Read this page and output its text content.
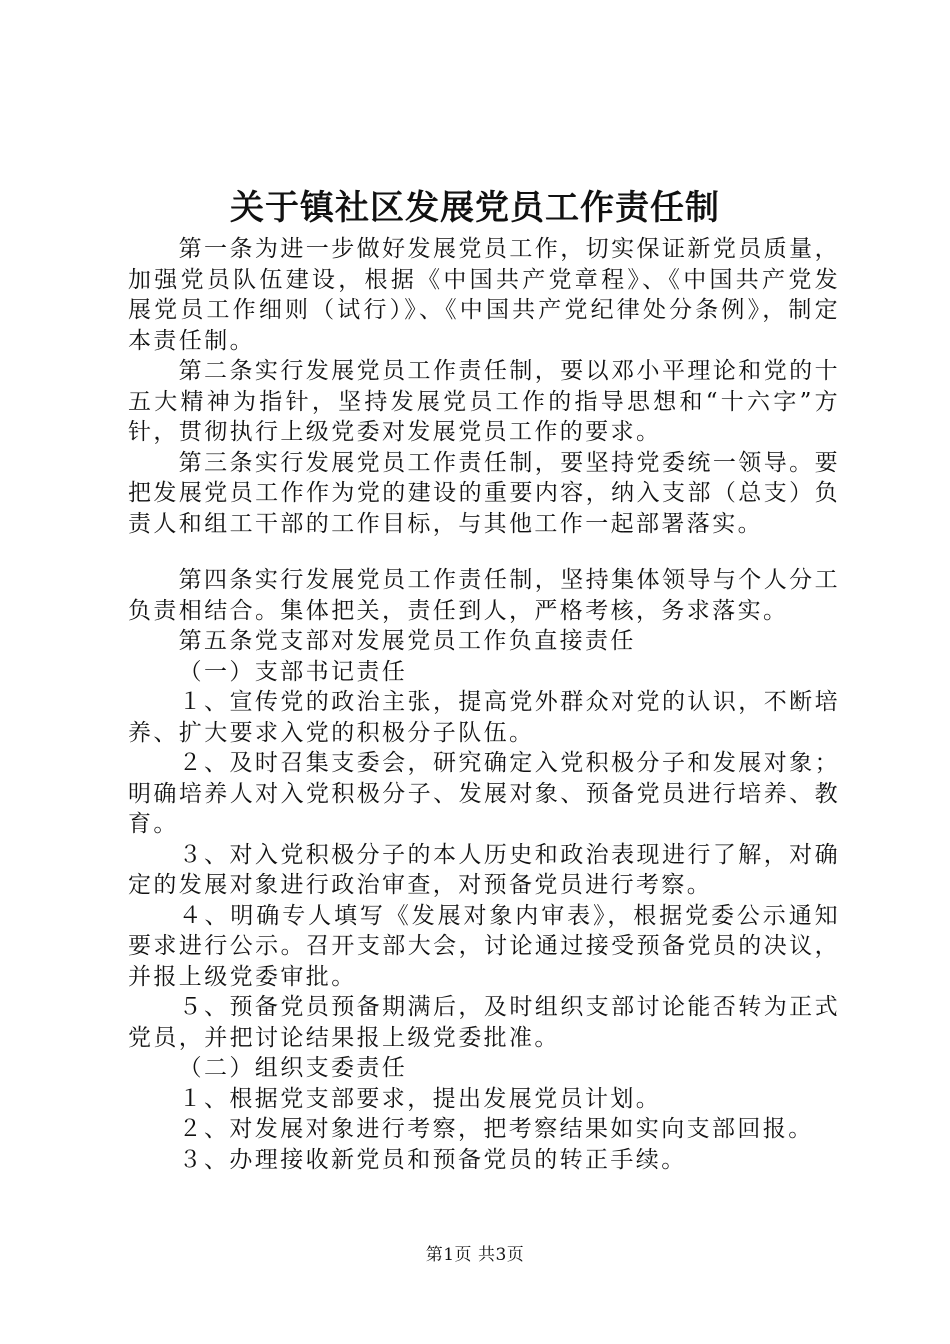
关于镇社区发展党员工作责任制

第一条为进一步做好发展党员工作，切实保证新党员质量，加强党员队伍建设，根据《中国共产党章程》、《中国共产党发展党员工作细则（试行）》、《中国共产党纪律处分条例》，制定本责任制。

第二条实行发展党员工作责任制，要以邓小平理论和党的十五大精神为指针，坚持发展党员工作的指导思想和“十六字”方针，贯彻执行上级党委对发展党员工作的要求。

第三条实行发展党员工作责任制，要坚持党委统一领导。要把发展党员工作作为党的建设的重要内容，纳入支部（总支）负责人和组工干部的工作目标，与其他工作一起部署落实。

第四条实行发展党员工作责任制，坚持集体领导与个人分工负责相结合。集体把关，责任到人，严格考核，务求落实。

第五条党支部对发展党员工作负直接责任

（一）支部书记责任

１、宣传党的政治主张，提高党外群众对党的认识，不断培养、扩大要求入党的积极分子队伍。

２、及时召集支委会，研究确定入党积极分子和发展对象；明确培养人对入党积极分子、发展对象、预备党员进行培养、教育。

３、对入党积极分子的本人历史和政治表现进行了解，对确定的发展对象进行政治审查，对预备党员进行考察。

４、明确专人填写《发展对象内审表》，根据党委公示通知要求进行公示。召开支部大会，讨论通过接受预备党员的决议，并报上级党委审批。

５、预备党员预备期满后，及时组织支部讨论能否转为正式党员，并把讨论结果报上级党委批准。

（二）组织支委责任

１、根据党支部要求，提出发展党员计划。

２、对发展对象进行考察，把考察结果如实向支部回报。

３、办理接收新党员和预备党员的转正手续。

第1页 共3页
